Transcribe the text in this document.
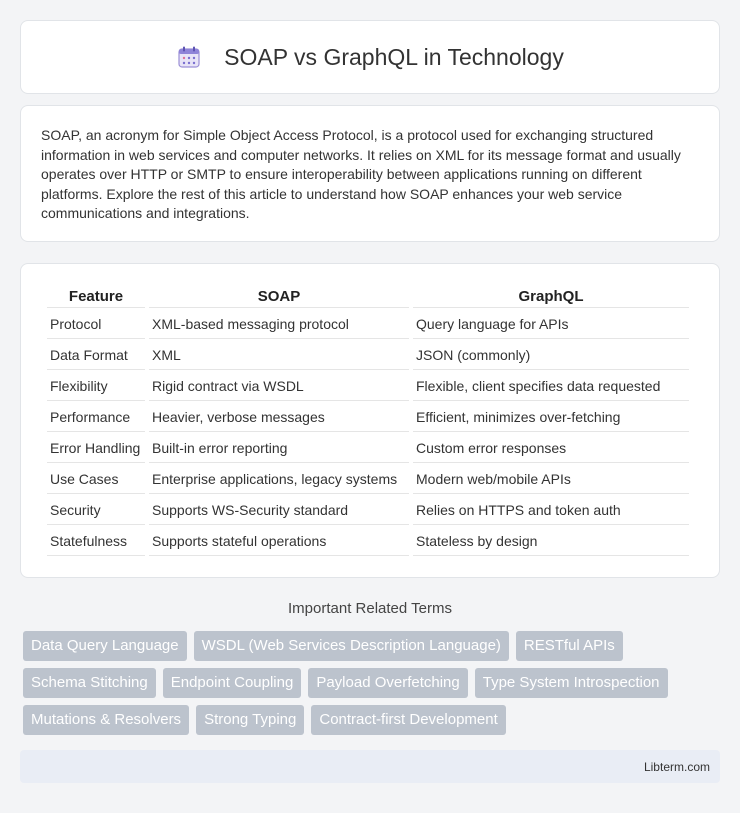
SOAP vs GraphQL in Technology

SOAP, an acronym for Simple Object Access Protocol, is a protocol used for exchanging structured information in web services and computer networks. It relies on XML for its message format and usually operates over HTTP or SMTP to ensure interoperability between applications running on different platforms. Explore the rest of this article to understand how SOAP enhances your web service communications and integrations.

Feature	SOAP	GraphQL
Protocol	XML-based messaging protocol	Query language for APIs
Data Format	XML	JSON (commonly)
Flexibility	Rigid contract via WSDL	Flexible, client specifies data requested
Performance	Heavier, verbose messages	Efficient, minimizes over-fetching
Error Handling	Built-in error reporting	Custom error responses
Use Cases	Enterprise applications, legacy systems	Modern web/mobile APIs
Security	Supports WS-Security standard	Relies on HTTPS and token auth
Statefulness	Supports stateful operations	Stateless by design
Important Related Terms
Data Query Language	WSDL (Web Services Description Language)	RESTful APIs
Schema Stitching	Endpoint Coupling	Payload Overfetching	Type System Introspection
Mutations & Resolvers	Strong Typing	Contract-first Development
Libterm.com
